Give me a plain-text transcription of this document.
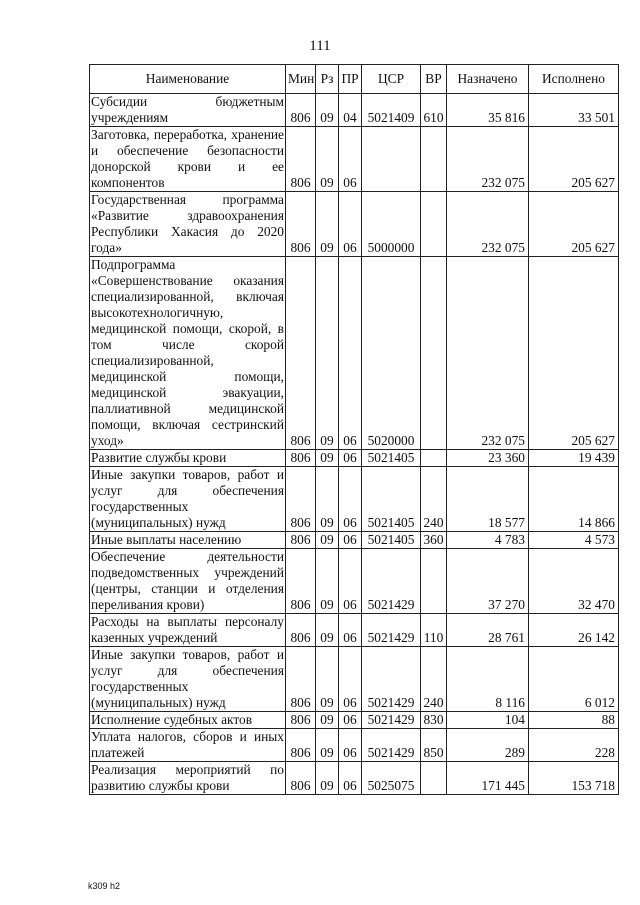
111
Наименование	Мин	Рз	ПР	ЦСР	ВР	Назначено	Исполнено
Субсидии бюджетным учреждениям	806	09	04	5021409	610	35 816	33 501
Заготовка, переработка, хранение и обеспечение безопасности донорской крови и ее компонентов	806	09	06			232 075	205 627
Государственная программа «Развитие здравоохранения Республики Хакасия до 2020 года»	806	09	06	5000000		232 075	205 627
Подпрограмма «Совершенствование оказания специализированной, включая высокотехнологичную, медицинской помощи, скорой, в том числе скорой специализированной, медицинской помощи, медицинской эвакуации, паллиативной медицинской помощи, включая сестринский уход»	806	09	06	5020000		232 075	205 627
Развитие службы крови	806	09	06	5021405		23 360	19 439
Иные закупки товаров, работ и услуг для обеспечения государственных (муниципальных) нужд	806	09	06	5021405	240	18 577	14 866
Иные выплаты населению	806	09	06	5021405	360	4 783	4 573
Обеспечение деятельности подведомственных учреждений (центры, станции и отделения переливания крови)	806	09	06	5021429		37 270	32 470
Расходы на выплаты персоналу казенных учреждений	806	09	06	5021429	110	28 761	26 142
Иные закупки товаров, работ и услуг для обеспечения государственных (муниципальных) нужд	806	09	06	5021429	240	8 116	6 012
Исполнение судебных актов	806	09	06	5021429	830	104	88
Уплата налогов, сборов и иных платежей	806	09	06	5021429	850	289	228
Реализация мероприятий по развитию службы крови	806	09	06	5025075		171 445	153 718
k309 h2
